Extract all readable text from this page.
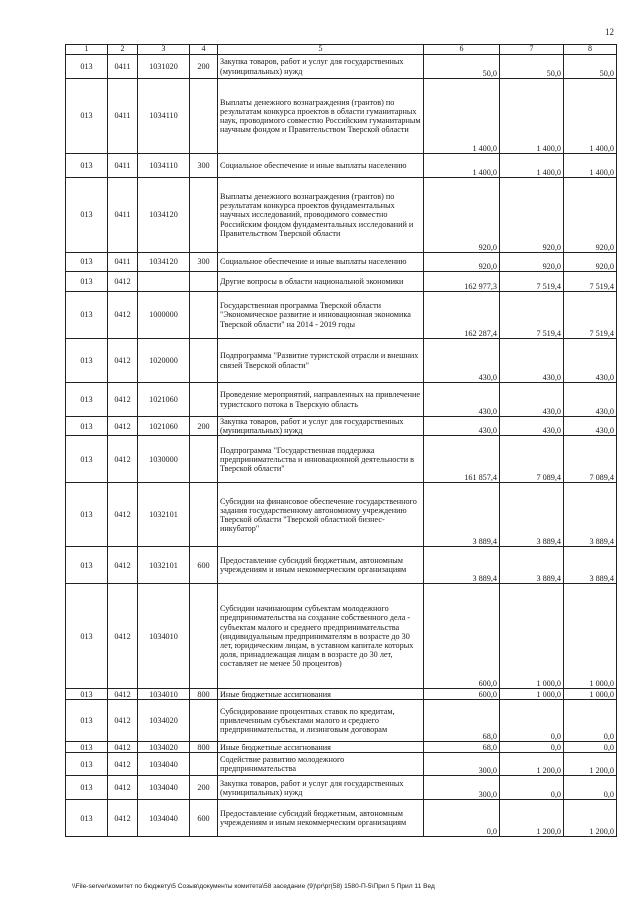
12
1	2	3	4	5	6	7	8
013	0411	1031020	200	Закупка товаров, работ и услуг для государственных (муниципальных) нужд	50,0	50,0	50,0
013	0411	1034110		Выплаты денежного вознаграждения (грантов) по результатам конкурса проектов в области гуманитарных наук, проводимого совместно Российским гуманитарным научным фондом и Правительством Тверской области	1 400,0	1 400,0	1 400,0
013	0411	1034110	300	Социальное обеспечение и иные выплаты населению	1 400,0	1 400,0	1 400,0
013	0411	1034120		Выплаты денежного вознаграждения (грантов) по результатам конкурса проектов фундаментальных научных исследований, проводимого совместно Российским фондом фундаментальных исследований и Правительством Тверской области	920,0	920,0	920,0
013	0411	1034120	300	Социальное обеспечение и иные выплаты населению	920,0	920,0	920,0
013	0412			Другие вопросы в области национальной экономики	162 977,3	7 519,4	7 519,4
013	0412	1000000		Государственная программа Тверской области "Экономическое развитие и инновационная экономика Тверской области" на 2014 - 2019 годы	162 287,4	7 519,4	7 519,4
013	0412	1020000		Подпрограмма "Развитие туристской отрасли и внешних связей Тверской области"	430,0	430,0	430,0
013	0412	1021060		Проведение мероприятий, направленных на привлечение туристского потока в Тверскую область	430,0	430,0	430,0
013	0412	1021060	200	Закупка товаров, работ и услуг для государственных (муниципальных) нужд	430,0	430,0	430,0
013	0412	1030000		Подпрограмма "Государственная поддержка предпринимательства и инновационной деятельности в Тверской области"	161 857,4	7 089,4	7 089,4
013	0412	1032101		Субсидии на финансовое обеспечение государственного задания государственному автономному учреждению Тверской области "Тверской областной бизнес-инкубатор"	3 889,4	3 889,4	3 889,4
013	0412	1032101	600	Предоставление субсидий бюджетным, автономным учреждениям и иным некоммерческим организациям	3 889,4	3 889,4	3 889,4
013	0412	1034010		Субсидии начинающим субъектам молодежного предпринимательства на создание собственного дела - субъектам малого и среднего предпринимательства (индивидуальным предпринимателям в возрасте до 30 лет, юридическим лицам, в уставном капитале которых доля, принадлежащая лицам в возрасте до 30 лет, составляет не менее 50 процентов)	600,0	1 000,0	1 000,0
013	0412	1034010	800	Иные бюджетные ассигнования	600,0	1 000,0	1 000,0
013	0412	1034020		Субсидирование процентных ставок по кредитам, привлеченным субъектами малого и среднего предпринимательства, и лизинговым договорам	68,0	0,0	0,0
013	0412	1034020	800	Иные бюджетные ассигнования	68,0	0,0	0,0
013	0412	1034040		Содействие развитию молодежного предпринимательства	300,0	1 200,0	1 200,0
013	0412	1034040	200	Закупка товаров, работ и услуг для государственных (муниципальных) нужд	300,0	0,0	0,0
013	0412	1034040	600	Предоставление субсидий бюджетным, автономным учреждениям и иным некоммерческим организациям	0,0	1 200,0	1 200,0
\\File-server\комитет по бюджету\5 Созыв\документы комитета\58 заседание (9)\pr\pr(58) 1580-П-5\Прил 5 Прил 11 Вед
